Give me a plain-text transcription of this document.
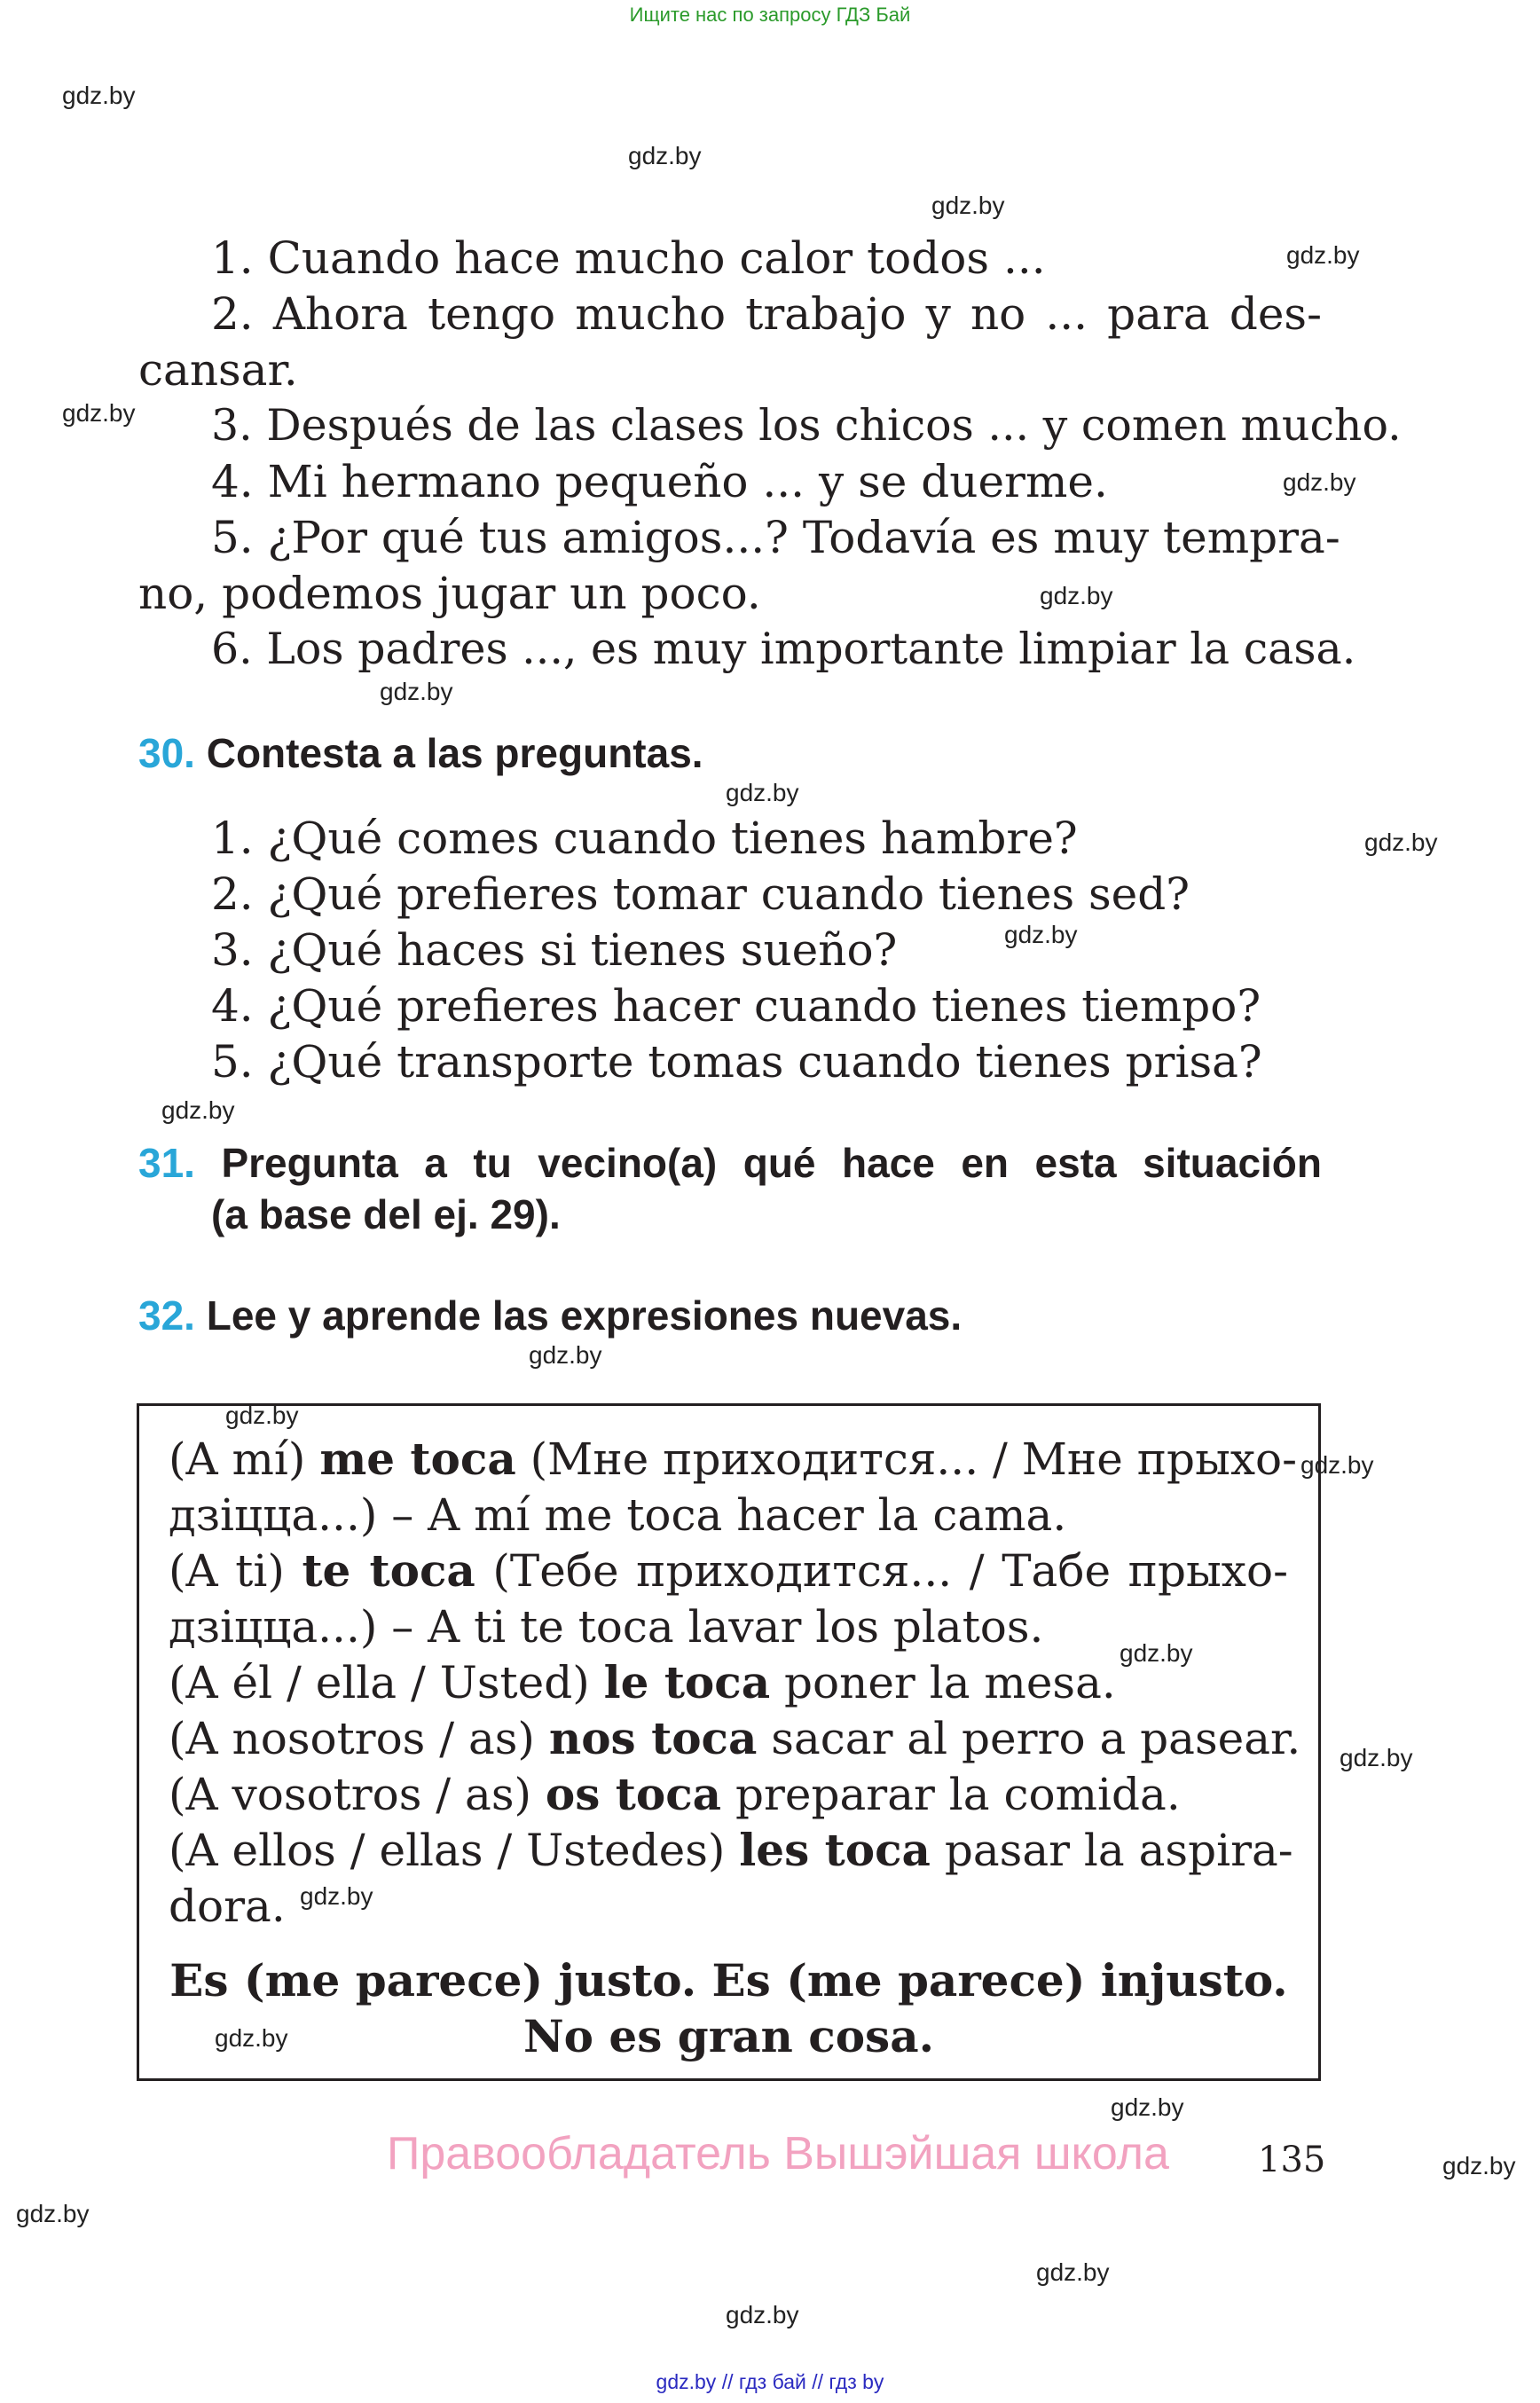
Ищите нас по запросу ГДЗ Бай
gdz.by
gdz.by
gdz.by
gdz.by
gdz.by
gdz.by
gdz.by
gdz.by
gdz.by
gdz.by
gdz.by
gdz.by
gdz.by
gdz.by
gdz.by
gdz.by
gdz.by
gdz.by
gdz.by
gdz.by
gdz.by
gdz.by
gdz.by
gdz.by
1. Cuando hace mucho calor todos ...
2. Ahora tengo mucho trabajo y no ... para des-
cansar.
3. Después de las clases los chicos ... y comen mucho.
4. Mi hermano pequeño ... y se duerme.
5. ¿Por qué tus amigos...? Todavía es muy tempra-
no, podemos jugar un poco.
6. Los padres ..., es muy importante limpiar la casa.
30. Contesta a las preguntas.
1. ¿Qué comes cuando tienes hambre?
2. ¿Qué prefieres tomar cuando tienes sed?
3. ¿Qué haces si tienes sueño?
4. ¿Qué prefieres hacer cuando tienes tiempo?
5. ¿Qué transporte tomas cuando tienes prisa?
31. Pregunta a tu vecino(a) qué hace en esta situación
(a base del ej. 29).
32. Lee y aprende las expresiones nuevas.
(A mí) me toca (Мне приходится... / Мне прыхо-
дзіцца...) – A mí me toca hacer la cama.
(A ti) te toca (Тебе приходится... / Табе прыхо-
дзіцца...) – A ti te toca lavar los platos.
(A él / ella / Usted) le toca poner la mesa.
(A nosotros / as) nos toca sacar al perro a pasear.
(A vosotros / as) os toca preparar la comida.
(A ellos / ellas / Ustedes) les toca pasar la aspira-
dora.
Es (me parece) justo. Es (me parece) injusto.
No es gran cosa.
Правообладатель Вышэйшая школа	135
gdz.by // гдз бай // гдз by
